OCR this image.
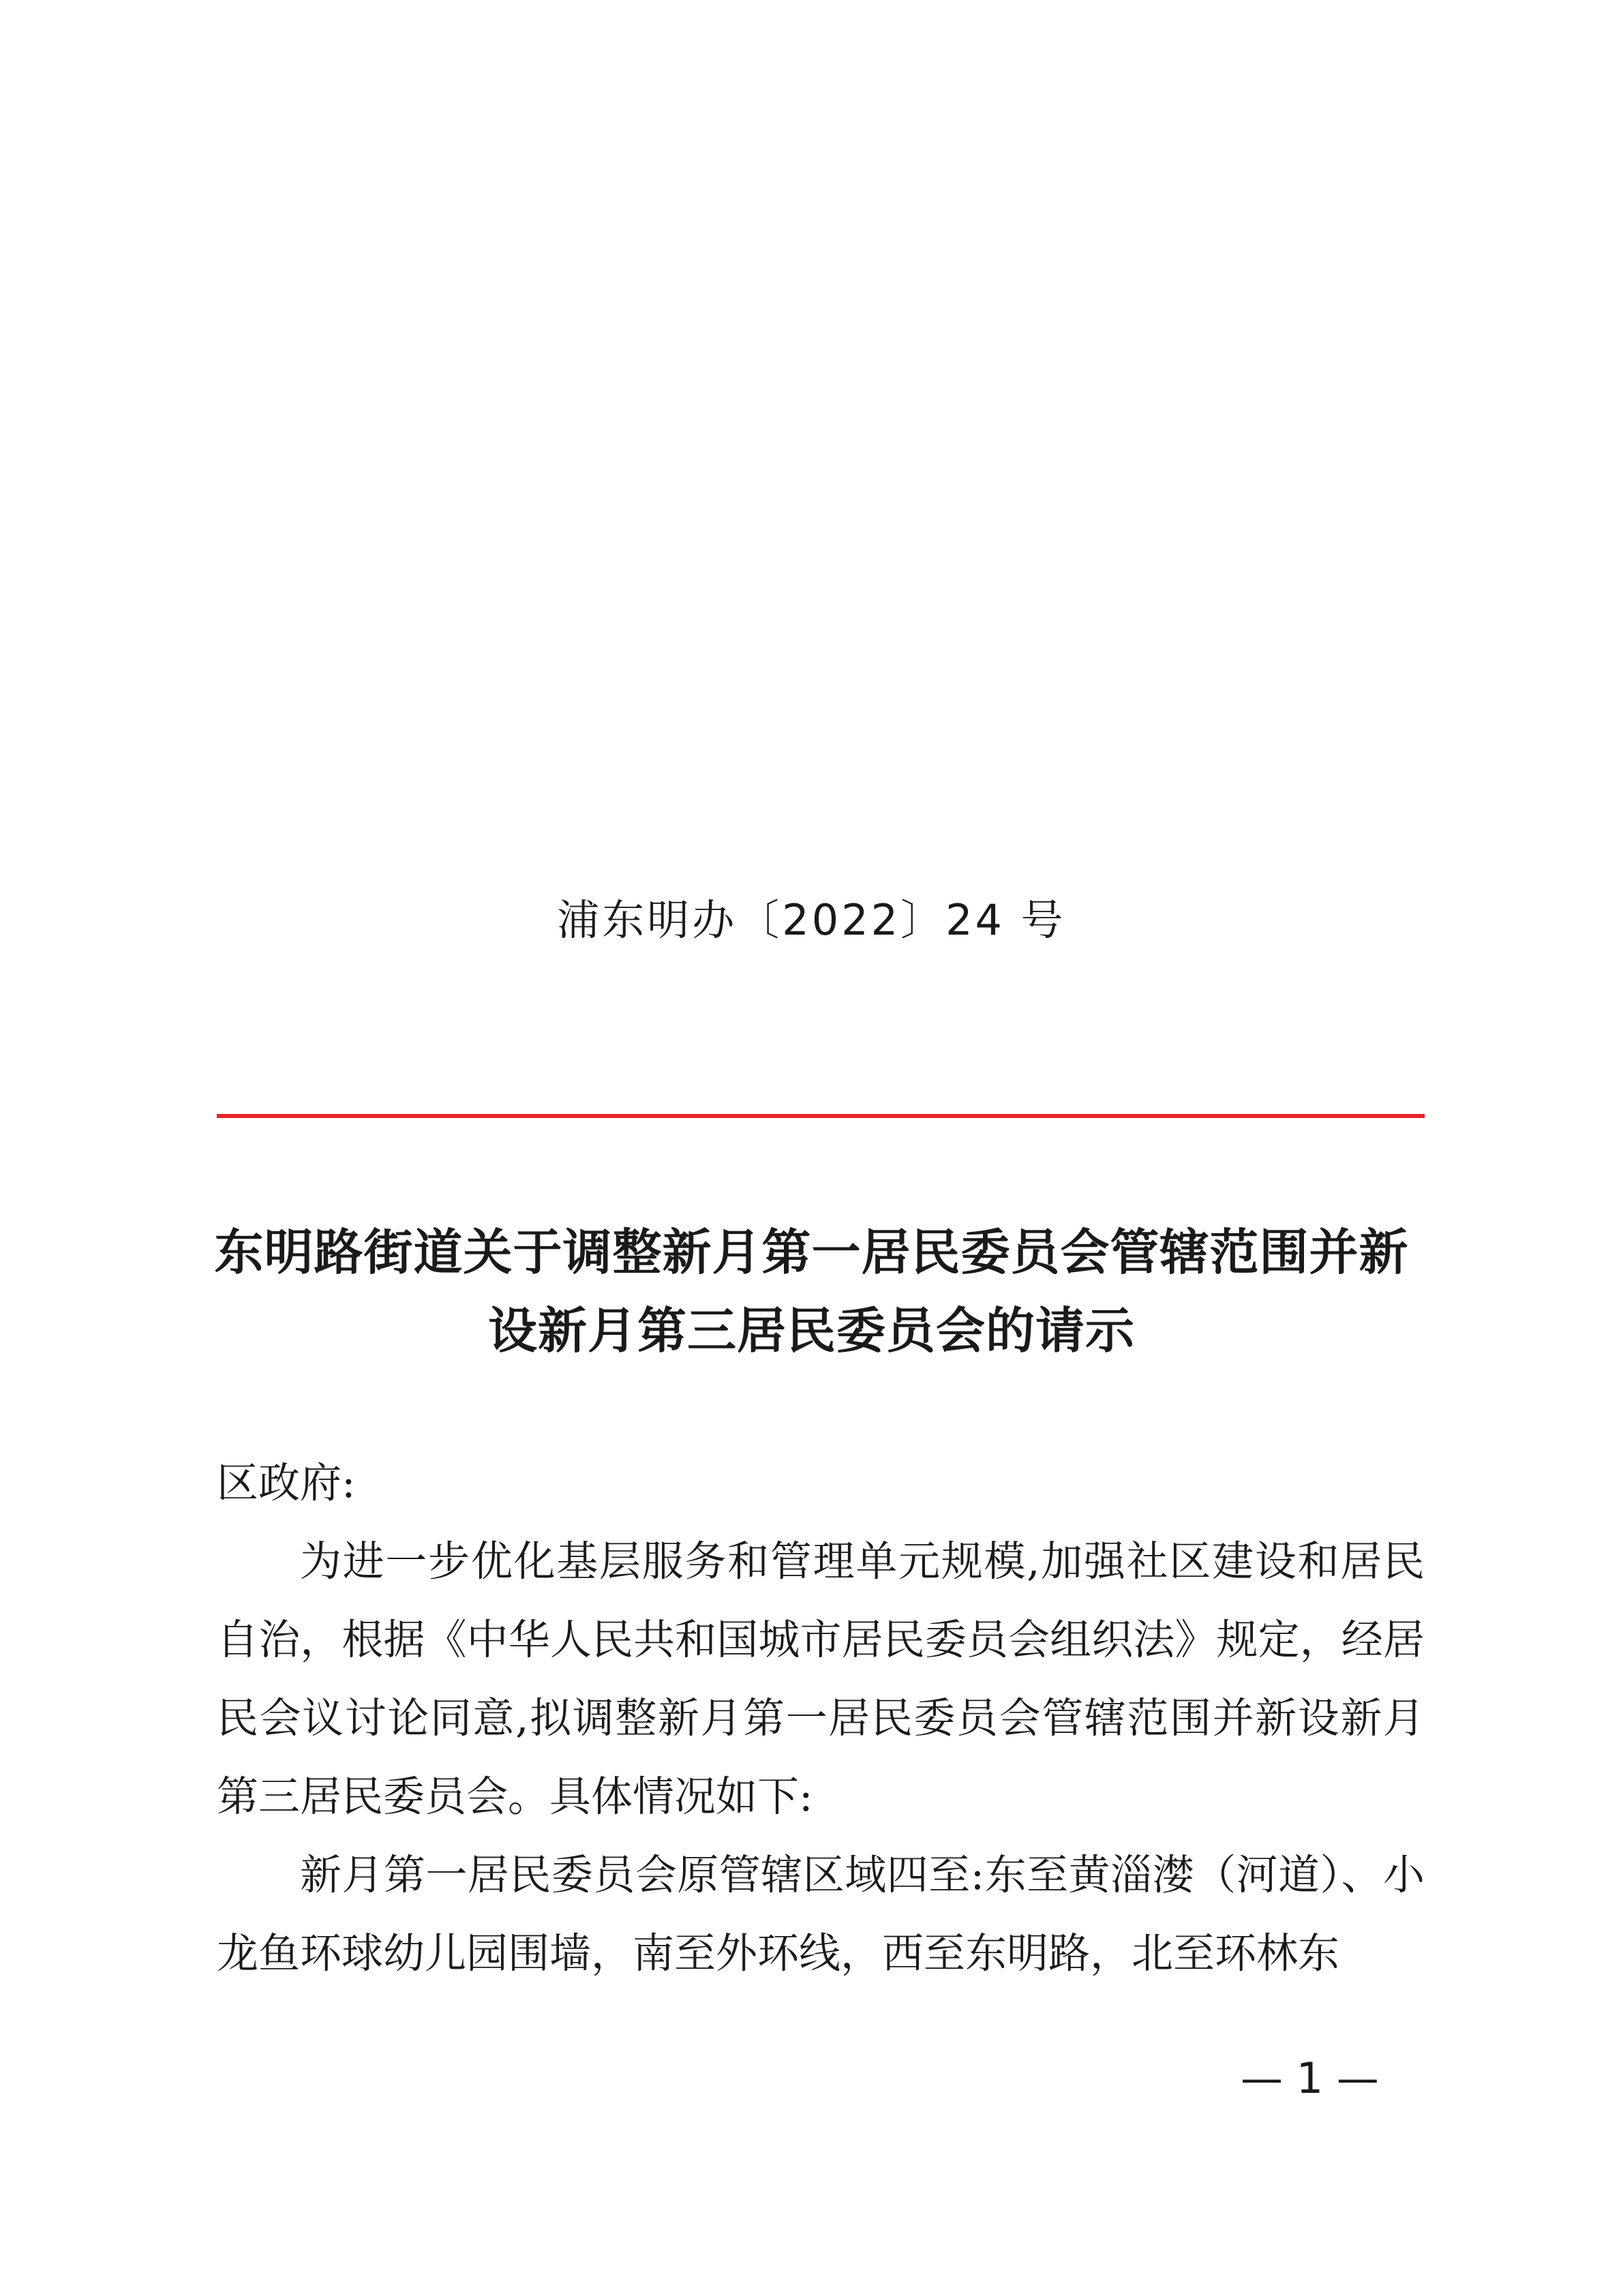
浦东明办〔2022〕24 号
东明路街道关于调整新月第一居民委员会管辖范围并新
设新月第三居民委员会的请示

区政府:

为进一步优化基层服务和管理单元规模,加强社区建设和居民自治，根据《中华人民共和国城市居民委员会组织法》规定，经居民会议讨论同意,拟调整新月第一居民委员会管辖范围并新设新月第三居民委员会。具体情况如下:

新月第一居民委员会原管辖区域四至:东至黄淄漤（河道）、小龙鱼环球幼儿园围墙，南至外环线，西至东明路，北至环林东

— 1 —
